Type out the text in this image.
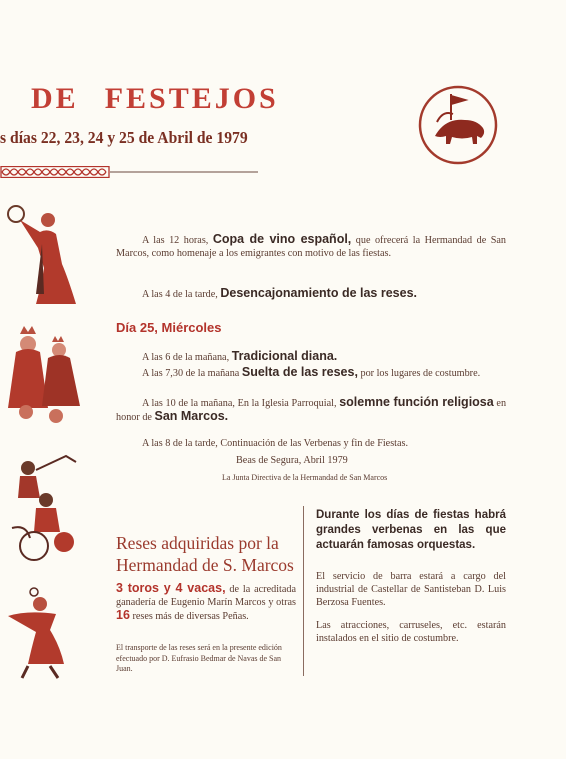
DE FESTEJOS
s días 22, 23, 24 y 25 de Abril de 1979
A las 12 horas, Copa de vino español, que ofrecerá la Hermandad de San Marcos, como homenaje a los emigrantes con motivo de las fiestas.
A las 4 de la tarde, Desencajonamiento de las reses.
Día 25, Miércoles
A las 6 de la mañana, Tradicional diana.
A las 7,30 de la mañana Suelta de las reses, por los lugares de costumbre.
A las 10 de la mañana, En la Iglesia Parroquial, solemne función religiosa en honor de San Marcos.
A las 8 de la tarde, Continuación de las Verbenas y fin de Fiestas.
Beas de Segura, Abril 1979
La Junta Directiva de la Hermandad de San Marcos
Reses adquiridas por la Hermandad de S. Marcos
3 toros y 4 vacas, de la acreditada ganadería de Eugenio Marín Marcos y otras 16 reses más de diversas Peñas.
El transporte de las reses será en la presente edición efectuado por D. Eufrasio Bedmar de Navas de San Juan.
Durante los días de fiestas habrá grandes verbenas en las que actuarán famosas orquestas.
El servicio de barra estará a cargo del industrial de Castellar de Santisteban D. Luis Berzosa Fuentes.
Las atracciones, carruseles, etc. estarán instalados en el sitio de costumbre.
